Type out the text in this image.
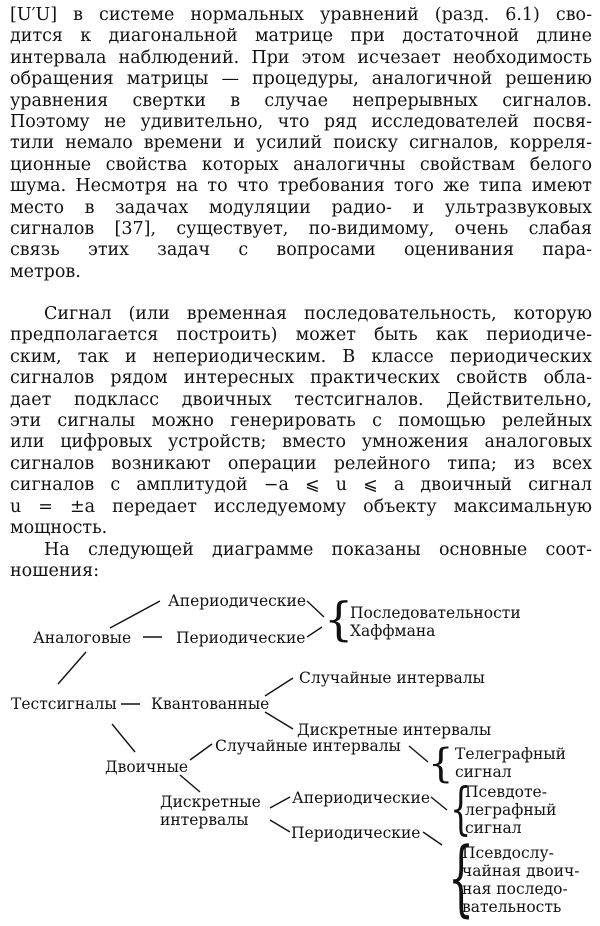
[U′U] в системе нормальных уравнений (разд. 6.1) сво-
дится к диагональной матрице при достаточной длине
интервала наблюдений. При этом исчезает необходимость
обращения матрицы — процедуры, аналогичной решению
уравнения свертки в случае непрерывных сигналов.
Поэтому не удивительно, что ряд исследователей посвя-
тили немало времени и усилий поиску сигналов, корреля-
ционные свойства которых аналогичны свойствам белого
шума. Несмотря на то что требования того же типа имеют
место в задачах модуляции радио- и ультразвуковых
сигналов [37], существует, по-видимому, очень слабая
связь этих задач с вопросами оценивания пара-
метров.
Сигнал (или временная последовательность, которую
предполагается построить) может быть как периодиче-
ским, так и непериодическим. В классе периодических
сигналов рядом интересных практических свойств обла-
дает подкласс двоичных тестсигналов. Действительно,
эти сигналы можно генерировать с помощью релейных
или цифровых устройств; вместо умножения аналоговых
сигналов возникают операции релейного типа; из всех
сигналов с амплитудой −a ⩽ u ⩽ a двоичный сигнал
u = ±a передает исследуемому объекту максимальную
мощность.
На следующей диаграмме показаны основные соот-
ношения:
{
{
{
{
Апериодические
Последовательности
Хаффмана
Аналоговые	Периодические
Случайные интервалы
Тестсигналы Квантованные
Дискретные интервалы
Случайные интервалы	Телеграфный
сигнал
Двоичные
Апериодические
Дискретные
интервалы
Псевдоте-
леграфный
сигнал
Периодические
Псевдослу-
чайная двоич-
ная последо-
вательность
